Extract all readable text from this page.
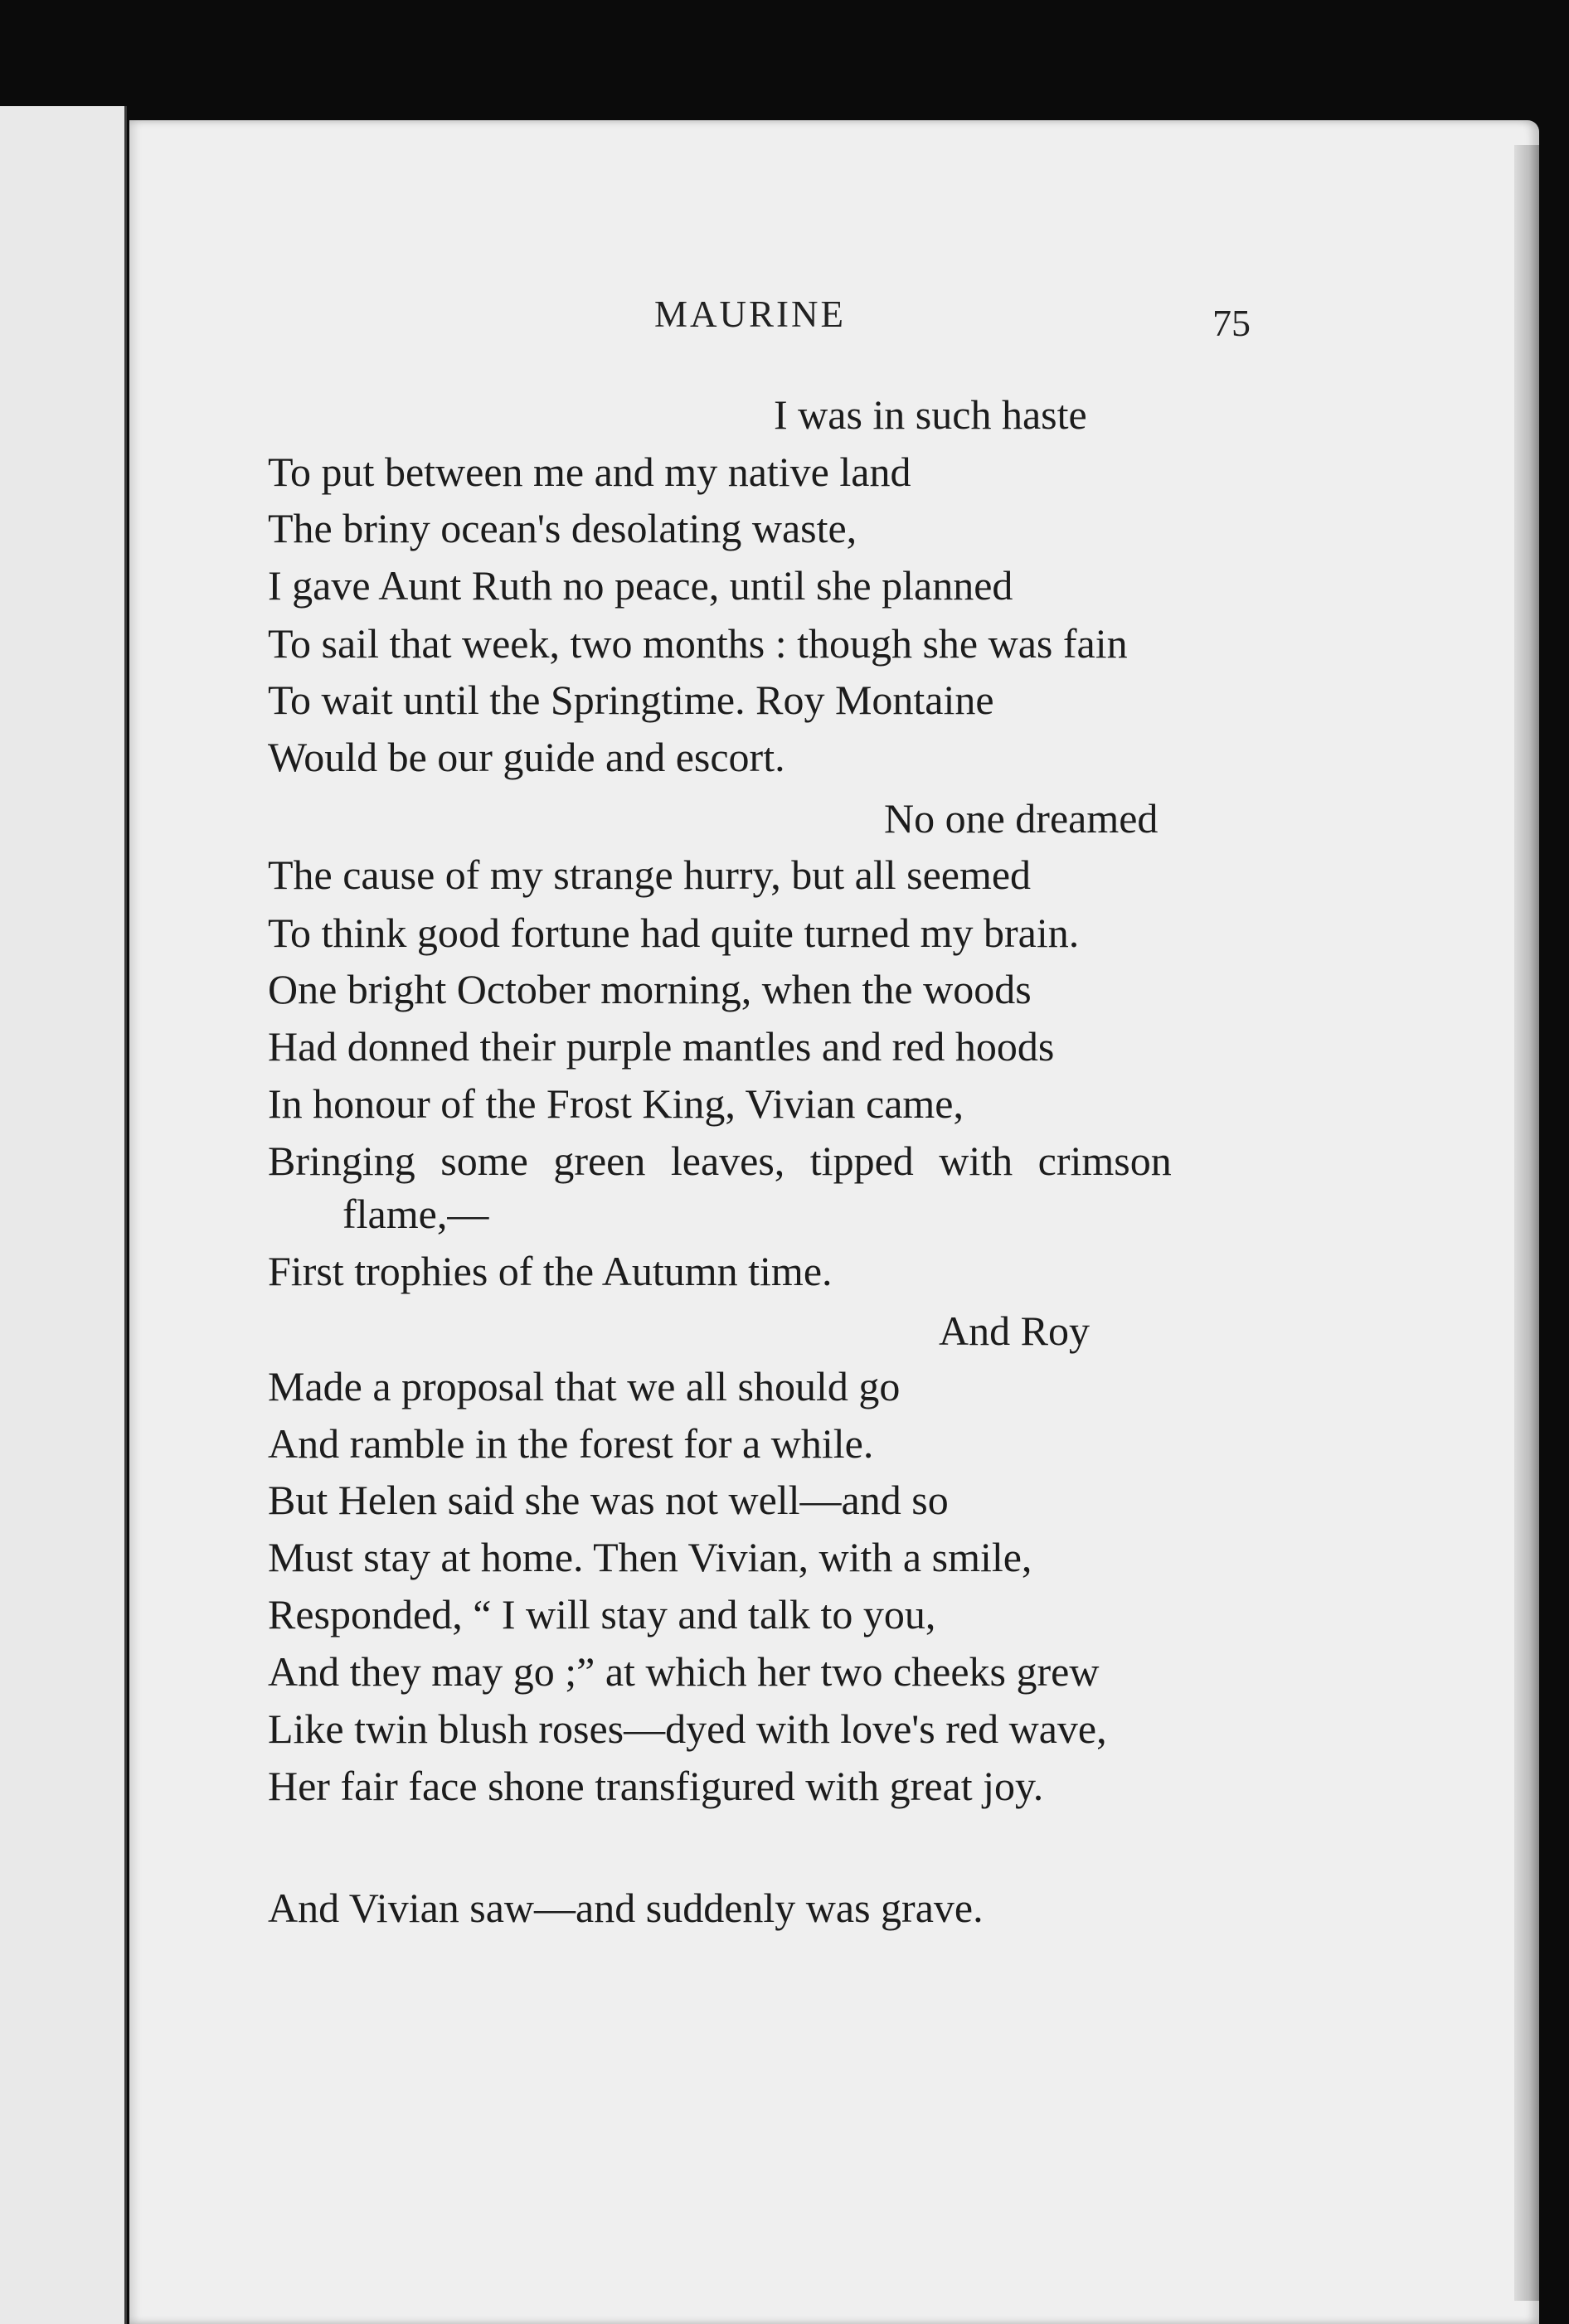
MAURINE	75
I was in such haste
To put between me and my native land
The briny ocean's desolating waste,
I gave Aunt Ruth no peace, until she planned
To sail that week, two months : though she was fain
To wait until the Springtime. Roy Montaine
Would be our guide and escort.
No one dreamed
The cause of my strange hurry, but all seemed
To think good fortune had quite turned my brain.
One bright October morning, when the woods
Had donned their purple mantles and red hoods
In honour of the Frost King, Vivian came,
Bringing some green leaves, tipped with crimson
flame,—
First trophies of the Autumn time.
And Roy
Made a proposal that we all should go
And ramble in the forest for a while.
But Helen said she was not well—and so
Must stay at home. Then Vivian, with a smile,
Responded, “ I will stay and talk to you,
And they may go ;” at which her two cheeks grew
Like twin blush roses—dyed with love's red wave,
Her fair face shone transfigured with great joy.
And Vivian saw—and suddenly was grave.
